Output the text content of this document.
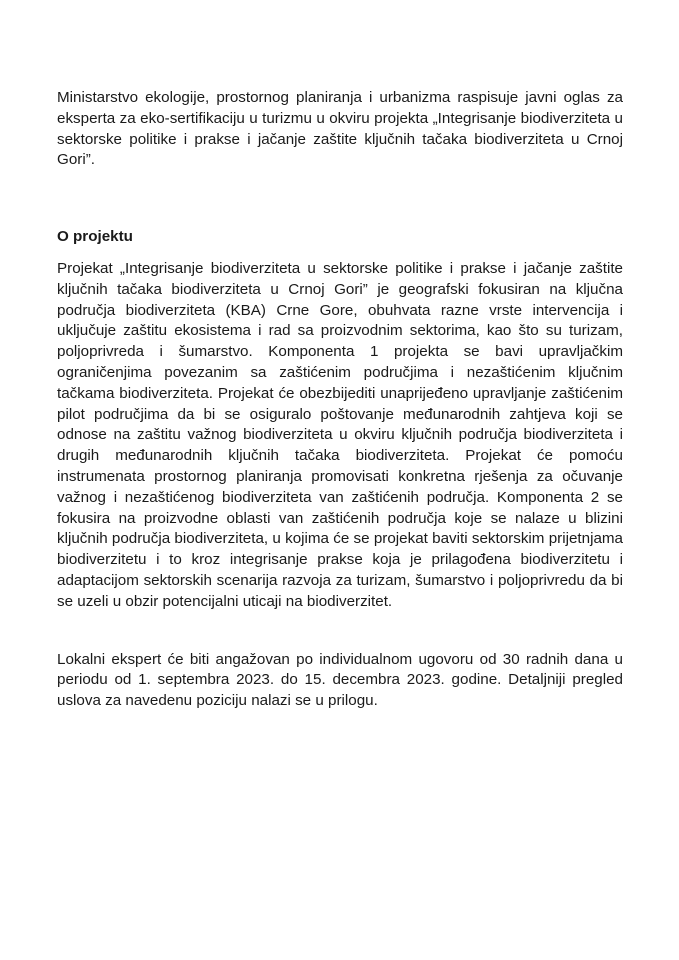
Ministarstvo ekologije, prostornog planiranja i urbanizma raspisuje javni oglas za eksperta za eko-sertifikaciju u turizmu u okviru projekta „Integrisanje biodiverziteta u sektorske politike i prakse i jačanje zaštite ključnih tačaka biodiverziteta u Crnoj Gori”.

O projektu

Projekat „Integrisanje biodiverziteta u sektorske politike i prakse i jačanje zaštite ključnih tačaka biodiverziteta u Crnoj Gori” je geografski fokusiran na ključna područja biodiverziteta (KBA) Crne Gore, obuhvata razne vrste intervencija i uključuje zaštitu ekosistema i rad sa proizvodnim sektorima, kao što su turizam, poljoprivreda i šumarstvo. Komponenta 1 projekta se bavi upravljačkim ograničenjima povezanim sa zaštićenim područjima i nezaštićenim ključnim tačkama biodiverziteta. Projekat će obezbijediti unaprijeđeno upravljanje zaštićenim pilot područjima da bi se osiguralo poštovanje međunarodnih zahtjeva koji se odnose na zaštitu važnog biodiverziteta u okviru ključnih područja biodiverziteta i drugih međunarodnih ključnih tačaka biodiverziteta. Projekat će pomoću instrumenata prostornog planiranja promovisati konkretna rješenja za očuvanje važnog i nezaštićenog biodiverziteta van zaštićenih područja. Komponenta 2 se fokusira na proizvodne oblasti van zaštićenih područja koje se nalaze u blizini ključnih područja biodiverziteta, u kojima će se projekat baviti sektorskim prijetnjama biodiverzitetu i to kroz integrisanje prakse koja je prilagođena biodiverzitetu i adaptacijom sektorskih scenarija razvoja za turizam, šumarstvo i poljoprivredu da bi se uzeli u obzir potencijalni uticaji na biodiverzitet.

Lokalni ekspert će biti angažovan po individualnom ugovoru od 30 radnih dana u periodu od 1. septembra 2023. do 15. decembra 2023. godine. Detaljniji pregled uslova za navedenu poziciju nalazi se u prilogu.
